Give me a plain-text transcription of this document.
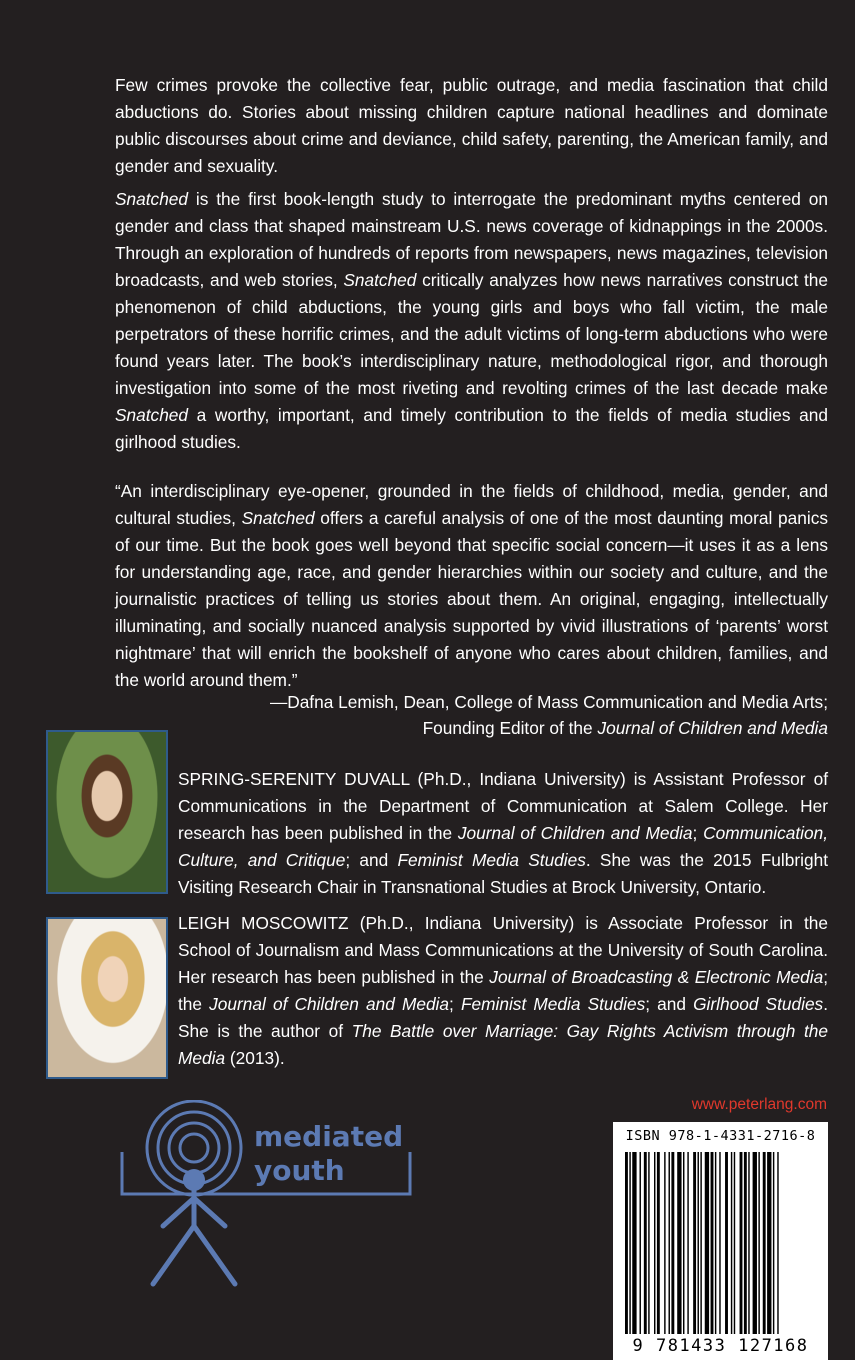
Few crimes provoke the collective fear, public outrage, and media fascination that child abductions do. Stories about missing children capture national headlines and dominate public discourses about crime and deviance, child safety, parenting, the American family, and gender and sexuality.

Snatched is the first book-length study to interrogate the predominant myths centered on gender and class that shaped mainstream U.S. news coverage of kidnappings in the 2000s. Through an exploration of hundreds of reports from newspapers, news magazines, television broadcasts, and web stories, Snatched critically analyzes how news narratives construct the phenomenon of child abductions, the young girls and boys who fall victim, the male perpetrators of these horrific crimes, and the adult victims of long-term abductions who were found years later. The book’s interdisciplinary nature, methodological rigor, and thorough investigation into some of the most riveting and revolting crimes of the last decade make Snatched a worthy, important, and timely contribution to the fields of media studies and girlhood studies.

“An interdisciplinary eye-opener, grounded in the fields of childhood, media, gender, and cultural studies, Snatched offers a careful analysis of one of the most daunting moral panics of our time. But the book goes well beyond that specific social concern—it uses it as a lens for understanding age, race, and gender hierarchies within our society and culture, and the journalistic practices of telling us stories about them. An original, engaging, intellectually illuminating, and socially nuanced analysis supported by vivid illustrations of ‘parents’ worst nightmare’ that will enrich the bookshelf of anyone who cares about children, families, and the world around them.”

—Dafna Lemish, Dean, College of Mass Communication and Media Arts;
Founding Editor of the Journal of Children and Media

SPRING-SERENITY DUVALL (Ph.D., Indiana University) is Assistant Professor of Communications in the Department of Communication at Salem College. Her research has been published in the Journal of Children and Media; Communication, Culture, and Critique; and Feminist Media Studies. She was the 2015 Fulbright Visiting Research Chair in Transnational Studies at Brock University, Ontario.

LEIGH MOSCOWITZ (Ph.D., Indiana University) is Associate Professor in the School of Journalism and Mass Communications at the University of South Carolina. Her research has been published in the Journal of Broadcasting & Electronic Media; the Journal of Children and Media; Feminist Media Studies; and Girlhood Studies. She is the author of The Battle over Marriage: Gay Rights Activism through the Media (2013).

mediated
youth
www.peterlang.com
ISBN 978-1-4331-2716-8
9 781433 127168
